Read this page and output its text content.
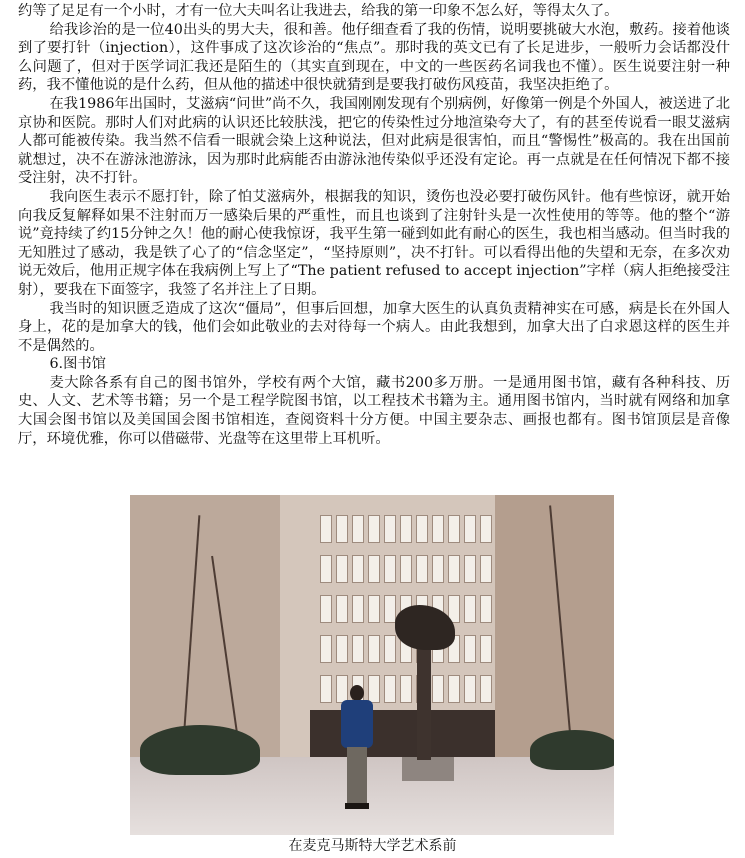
约等了足足有一个小时，才有一位大夫叫名让我进去，给我的第一印象不怎么好，等得太久了。

给我诊治的是一位40出头的男大夫，很和善。他仔细查看了我的伤情，说明要挑破大水泡，敷药。接着他谈到了要打针（injection），这件事成了这次诊治的“焦点”。那时我的英文已有了长足进步，一般听力会话都没什么问题了，但对于医学词汇我还是陌生的（其实直到现在，中文的一些医药名词我也不懂）。医生说要注射一种药，我不懂他说的是什么药，但从他的描述中很快就猜到是要我打破伤风疫苗，我坚决拒绝了。

在我1986年出国时，艾滋病“问世”尚不久，我国刚刚发现有个别病例，好像第一例是个外国人，被送进了北京协和医院。那时人们对此病的认识还比较肤浅，把它的传染性过分地渲染夸大了，有的甚至传说看一眼艾滋病人都可能被传染。我当然不信看一眼就会染上这种说法，但对此病是很害怕，而且“警惕性”极高的。我在出国前就想过，决不在游泳池游泳，因为那时此病能否由游泳池传染似乎还没有定论。再一点就是在任何情况下都不接受注射，决不打针。

我向医生表示不愿打针，除了怕艾滋病外，根据我的知识，烫伤也没必要打破伤风针。他有些惊讶，就开始向我反复解释如果不注射而万一感染后果的严重性，而且也谈到了注射针头是一次性使用的等等。他的整个“游说”竟持续了约15分钟之久！他的耐心使我惊讶，我平生第一碰到如此有耐心的医生，我也相当感动。但当时我的无知胜过了感动，我是铁了心了的“信念坚定”，“坚持原则”，决不打针。可以看得出他的失望和无奈，在多次劝说无效后，他用正规字体在我病例上写上了“The patient refused to accept injection”字样（病人拒绝接受注射），要我在下面签字，我签了名并注上了日期。

我当时的知识匮乏造成了这次“僵局”，但事后回想，加拿大医生的认真负责精神实在可感，病是长在外国人身上，花的是加拿大的钱，他们会如此敬业的去对待每一个病人。由此我想到，加拿大出了白求恩这样的医生并不是偶然的。

6.图书馆

麦大除各系有自己的图书馆外，学校有两个大馆，藏书200多万册。一是通用图书馆，藏有各种科技、历史、人文、艺术等书籍；另一个是工程学院图书馆，以工程技术书籍为主。通用图书馆内，当时就有网络和加拿大国会图书馆以及美国国会图书馆相连，查阅资料十分方便。中国主要杂志、画报也都有。图书馆顶层是音像厅，环境优雅，你可以借磁带、光盘等在这里带上耳机听。

在麦克马斯特大学艺术系前
